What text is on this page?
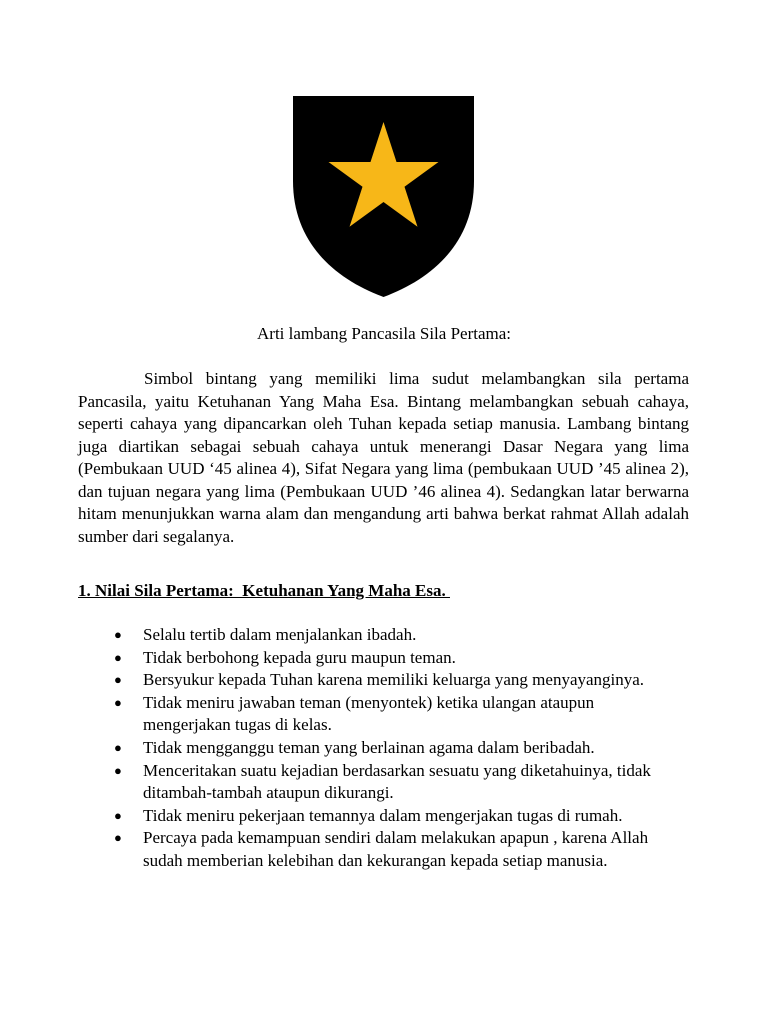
Arti lambang Pancasila Sila Pertama:

Simbol bintang yang memiliki lima sudut melambangkan sila pertama Pancasila, yaitu Ketuhanan Yang Maha Esa. Bintang melambangkan sebuah cahaya, seperti cahaya yang dipancarkan oleh Tuhan kepada setiap manusia. Lambang bintang juga diartikan sebagai sebuah cahaya untuk menerangi Dasar Negara yang lima (Pembukaan UUD ‘45 alinea 4), Sifat Negara yang lima (pembukaan UUD ’45 alinea 2), dan tujuan negara yang lima (Pembukaan UUD ’46 alinea 4). Sedangkan latar berwarna hitam menunjukkan warna alam dan mengandung arti bahwa berkat rahmat Allah adalah sumber dari segalanya.

1. Nilai Sila Pertama:  Ketuhanan Yang Maha Esa.

● Selalu tertib dalam menjalankan ibadah.
● Tidak berbohong kepada guru maupun teman.
● Bersyukur kepada Tuhan karena memiliki keluarga yang menyayanginya.
● Tidak meniru jawaban teman (menyontek) ketika ulangan ataupun mengerjakan tugas di kelas.
● Tidak mengganggu teman yang berlainan agama dalam beribadah.
● Menceritakan suatu kejadian berdasarkan sesuatu yang diketahuinya, tidak ditambah-tambah ataupun dikurangi.
● Tidak meniru pekerjaan temannya dalam mengerjakan tugas di rumah.
● Percaya pada kemampuan sendiri dalam melakukan apapun , karena Allah sudah memberian kelebihan dan kekurangan kepada setiap manusia.
